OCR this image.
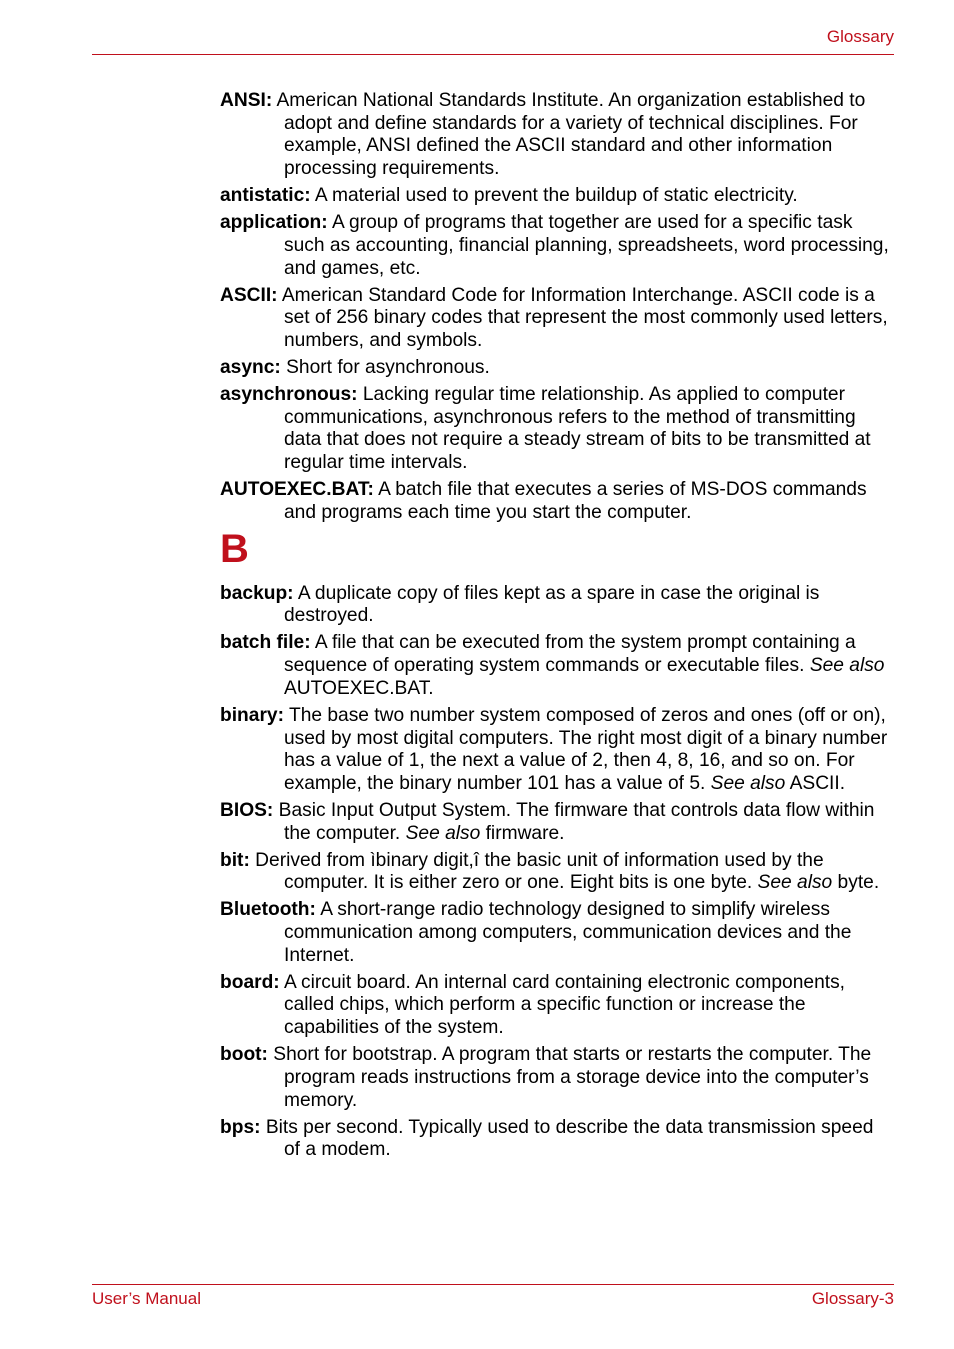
Glossary

ANSI: American National Standards Institute. An organization established to adopt and define standards for a variety of technical disciplines. For example, ANSI defined the ASCII standard and other information processing requirements.

antistatic: A material used to prevent the buildup of static electricity.

application: A group of programs that together are used for a specific task such as accounting, financial planning, spreadsheets, word processing, and games, etc.

ASCII: American Standard Code for Information Interchange. ASCII code is a set of 256 binary codes that represent the most commonly used letters, numbers, and symbols.

async: Short for asynchronous.

asynchronous: Lacking regular time relationship. As applied to computer communications, asynchronous refers to the method of transmitting data that does not require a steady stream of bits to be transmitted at regular time intervals.

AUTOEXEC.BAT: A batch file that executes a series of MS-DOS commands and programs each time you start the computer.

B

backup: A duplicate copy of files kept as a spare in case the original is destroyed.

batch file: A file that can be executed from the system prompt containing a sequence of operating system commands or executable files. See also AUTOEXEC.BAT.

binary: The base two number system composed of zeros and ones (off or on), used by most digital computers. The right most digit of a binary number has a value of 1, the next a value of 2, then 4, 8, 16, and so on. For example, the binary number 101 has a value of 5. See also ASCII.

BIOS: Basic Input Output System. The firmware that controls data flow within the computer. See also firmware.

bit: Derived from ìbinary digit,î the basic unit of information used by the computer. It is either zero or one. Eight bits is one byte. See also byte.

Bluetooth: A short-range radio technology designed to simplify wireless communication among computers, communication devices and the Internet.

board: A circuit board. An internal card containing electronic components, called chips, which perform a specific function or increase the capabilities of the system.

boot: Short for bootstrap. A program that starts or restarts the computer. The program reads instructions from a storage device into the computer’s memory.

bps: Bits per second. Typically used to describe the data transmission speed of a modem.

User’s Manual	Glossary-3
